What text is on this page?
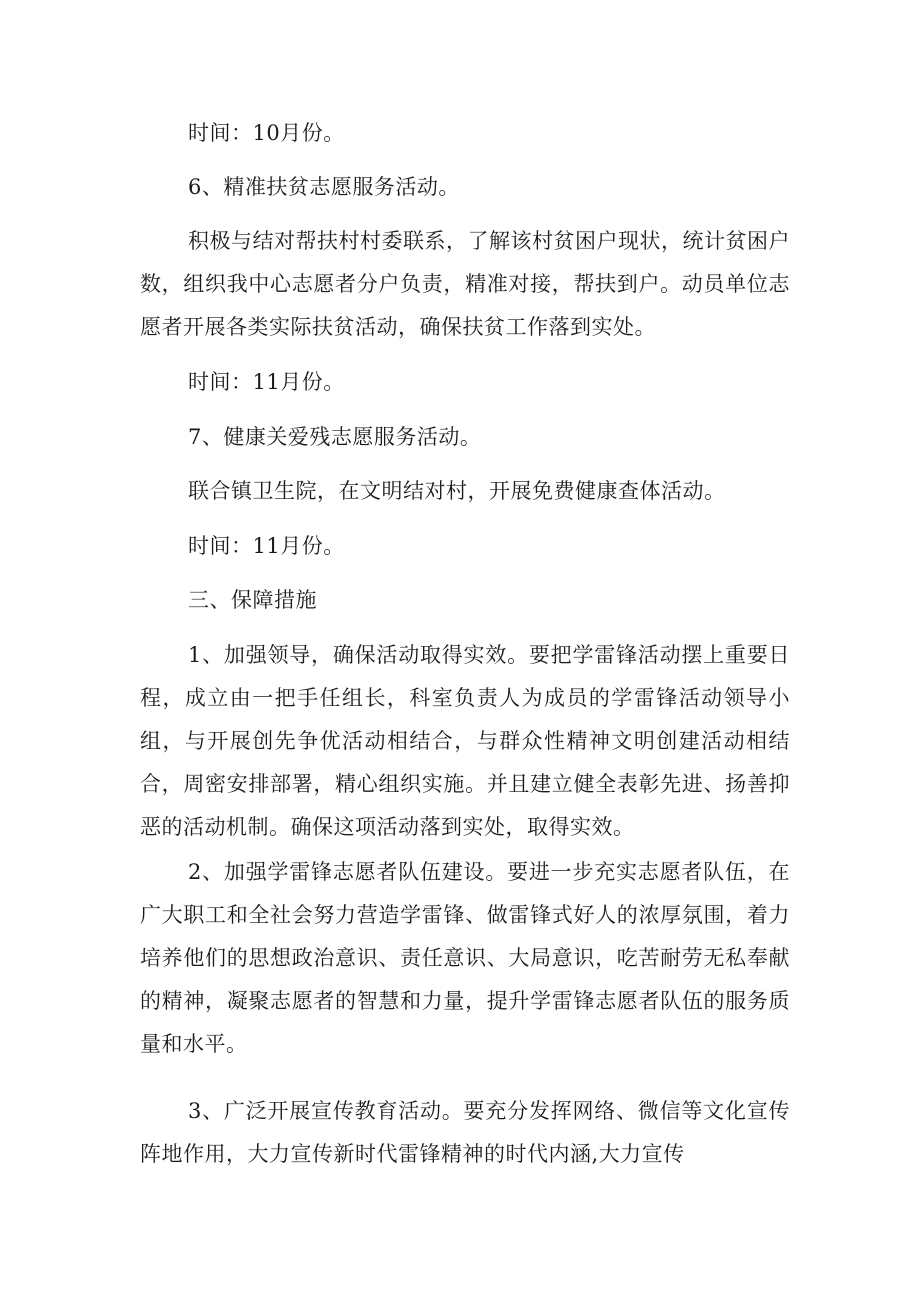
时间：10月份。

6、精准扶贫志愿服务活动。

积极与结对帮扶村村委联系，了解该村贫困户现状，统计贫困户数，组织我中心志愿者分户负责，精准对接，帮扶到户。动员单位志愿者开展各类实际扶贫活动，确保扶贫工作落到实处。

时间：11月份。

7、健康关爱残志愿服务活动。

联合镇卫生院，在文明结对村，开展免费健康查体活动。

时间：11月份。

三、保障措施

1、加强领导，确保活动取得实效。要把学雷锋活动摆上重要日程，成立由一把手任组长，科室负责人为成员的学雷锋活动领导小组，与开展创先争优活动相结合，与群众性精神文明创建活动相结合，周密安排部署，精心组织实施。并且建立健全表彰先进、扬善抑恶的活动机制。确保这项活动落到实处，取得实效。

2、加强学雷锋志愿者队伍建设。要进一步充实志愿者队伍，在广大职工和全社会努力营造学雷锋、做雷锋式好人的浓厚氛围，着力培养他们的思想政治意识、责任意识、大局意识，吃苦耐劳无私奉献的精神，凝聚志愿者的智慧和力量，提升学雷锋志愿者队伍的服务质量和水平。

3、广泛开展宣传教育活动。要充分发挥网络、微信等文化宣传阵地作用，大力宣传新时代雷锋精神的时代内涵,大力宣传
